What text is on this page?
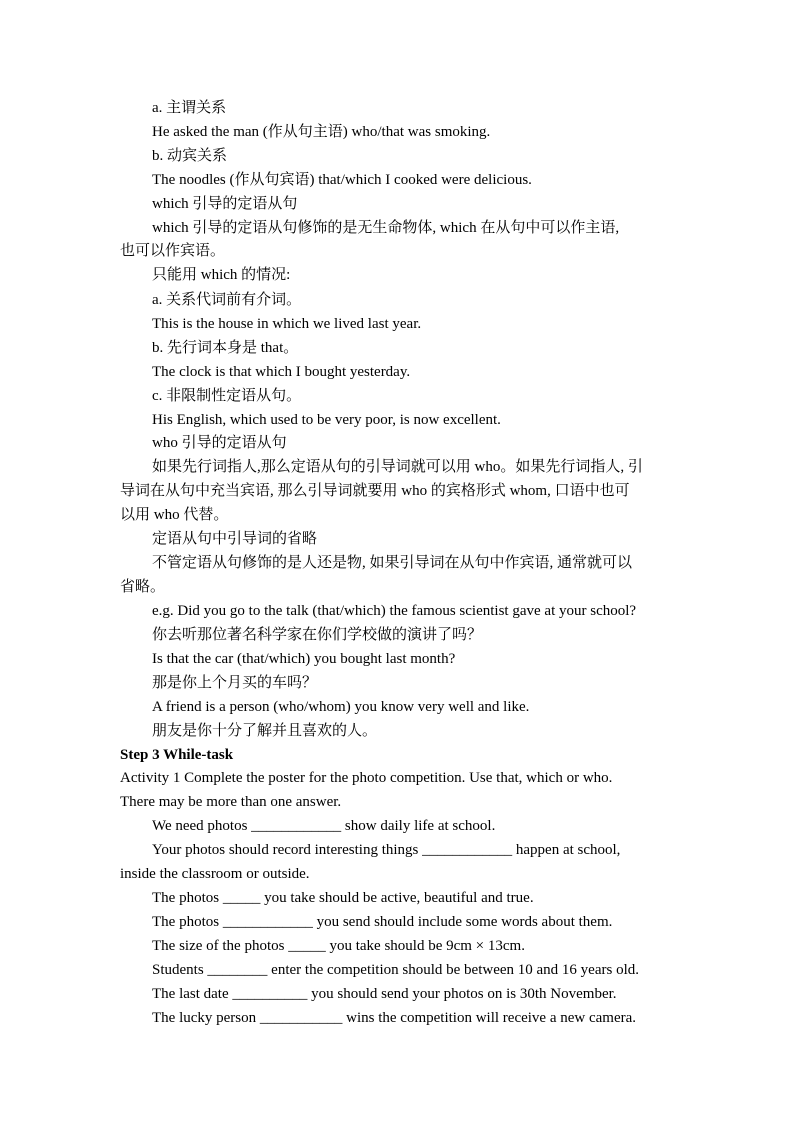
a. 主谓关系
He asked the man (作从句主语) who/that was smoking.
b. 动宾关系
The noodles (作从句宾语) that/which I cooked were delicious.
which 引导的定语从句
which 引导的定语从句修饰的是无生命物体, which 在从句中可以作主语,
也可以作宾语。
只能用 which 的情况:
a. 关系代词前有介词。
This is the house in which we lived last year.
b. 先行词本身是 that。
The clock is that which I bought yesterday.
c. 非限制性定语从句。
His English, which used to be very poor, is now excellent.
who 引导的定语从句
如果先行词指人,那么定语从句的引导词就可以用 who。如果先行词指人, 引
导词在从句中充当宾语, 那么引导词就要用 who 的宾格形式 whom, 口语中也可
以用 who 代替。
定语从句中引导词的省略
不管定语从句修饰的是人还是物, 如果引导词在从句中作宾语, 通常就可以
省略。
e.g. Did you go to the talk (that/which) the famous scientist gave at your school?
你去听那位著名科学家在你们学校做的演讲了吗？
Is that the car (that/which) you bought last month?
那是你上个月买的车吗？
A friend is a person (who/whom) you know very well and like.
朋友是你十分了解并且喜欢的人。
Step 3 While-task
Activity 1 Complete the poster for the photo competition. Use that, which or who.
There may be more than one answer.
We need photos ____________ show daily life at school.
Your photos should record interesting things ____________ happen at school,
inside the classroom or outside.
The photos _____ you take should be active, beautiful and true.
The photos ____________ you send should include some words about them.
The size of the photos _____ you take should be 9cm × 13cm.
Students ________ enter the competition should be between 10 and 16 years old.
The last date __________ you should send your photos on is 30th November.
The lucky person ___________ wins the competition will receive a new camera.
